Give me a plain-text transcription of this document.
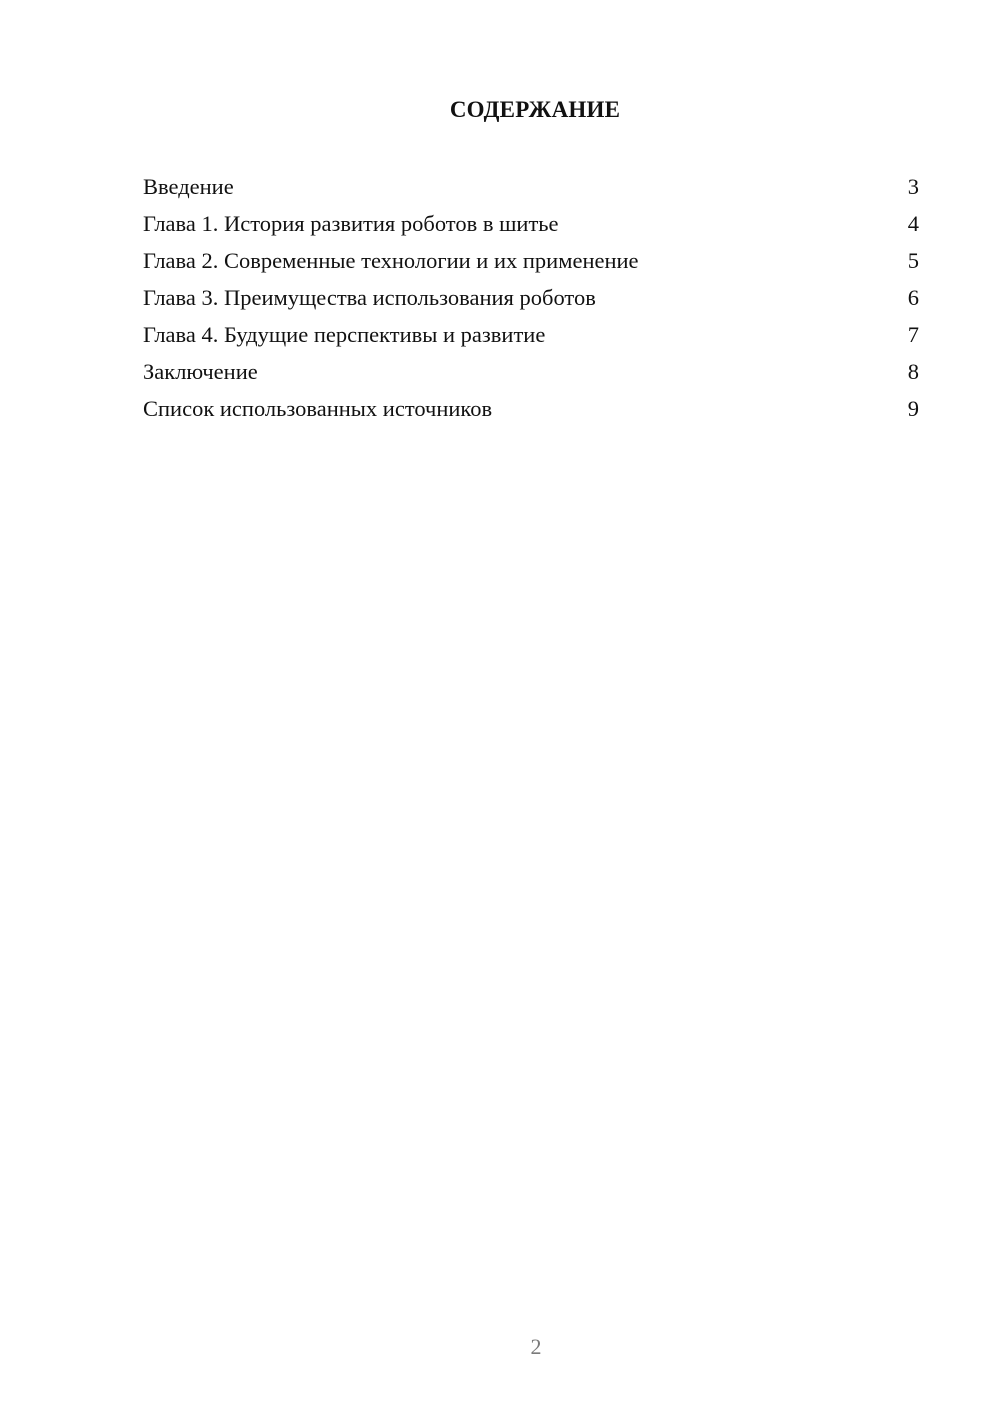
СОДЕРЖАНИЕ
Введение	3
Глава 1. История развития роботов в шитье	4
Глава 2. Современные технологии и их применение	5
Глава 3. Преимущества использования роботов	6
Глава 4. Будущие перспективы и развитие	7
Заключение	8
Список использованных источников	9
2
